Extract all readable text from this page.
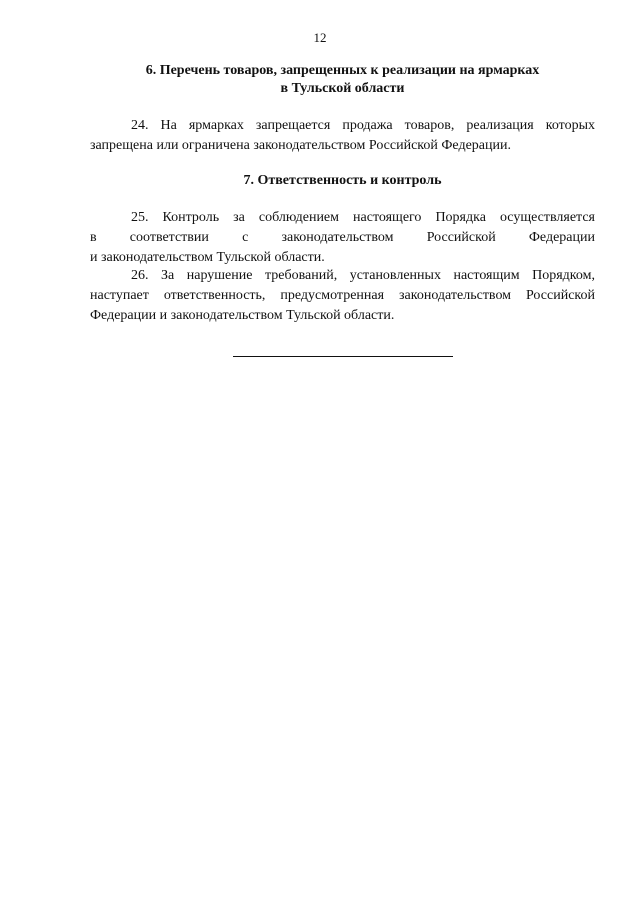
12
6. Перечень товаров, запрещенных к реализации на ярмарках
в Тульской области
24. На ярмарках запрещается продажа товаров, реализация которых
запрещена или ограничена законодательством Российской Федерации.
7. Ответственность и контроль
25. Контроль за соблюдением настоящего Порядка осуществляется
в соответствии с законодательством Российской Федерации
и законодательством Тульской области.
26. За нарушение требований, установленных настоящим Порядком,
наступает ответственность, предусмотренная законодательством Российской
Федерации и законодательством Тульской области.
